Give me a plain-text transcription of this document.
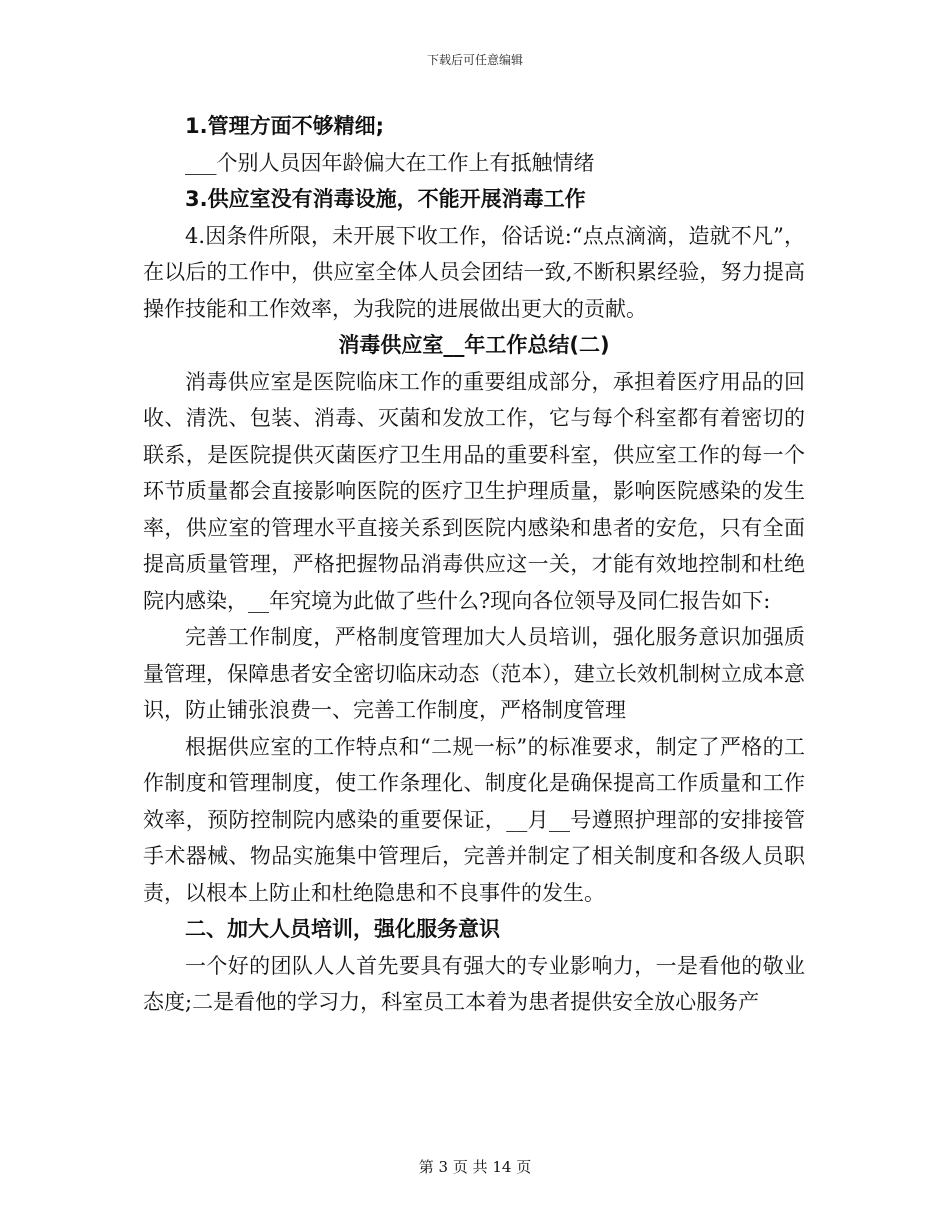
下载后可任意编辑

1.管理方面不够精细;

___个别人员因年龄偏大在工作上有抵触情绪

3.供应室没有消毒设施，不能开展消毒工作

4.因条件所限，未开展下收工作，俗话说:“点点滴滴，造就不凡”，在以后的工作中，供应室全体人员会团结一致,不断积累经验，努力提高操作技能和工作效率，为我院的进展做出更大的贡献。

消毒供应室__年工作总结(二)

消毒供应室是医院临床工作的重要组成部分，承担着医疗用品的回收、清洗、包装、消毒、灭菌和发放工作，它与每个科室都有着密切的联系，是医院提供灭菌医疗卫生用品的重要科室，供应室工作的每一个环节质量都会直接影响医院的医疗卫生护理质量，影响医院感染的发生率，供应室的管理水平直接关系到医院内感染和患者的安危，只有全面提高质量管理，严格把握物品消毒供应这一关，才能有效地控制和杜绝院内感染，__年究境为此做了些什么?现向各位领导及同仁报告如下:

完善工作制度，严格制度管理加大人员培训，强化服务意识加强质量管理，保障患者安全密切临床动态（范本），建立长效机制树立成本意识，防止铺张浪费一、完善工作制度，严格制度管理

根据供应室的工作特点和“二规一标”的标准要求，制定了严格的工作制度和管理制度，使工作条理化、制度化是确保提高工作质量和工作效率，预防控制院内感染的重要保证，__月__号遵照护理部的安排接管手术器械、物品实施集中管理后，完善并制定了相关制度和各级人员职责，以根本上防止和杜绝隐患和不良事件的发生。

二、加大人员培训，强化服务意识

一个好的团队人人首先要具有强大的专业影响力，一是看他的敬业态度;二是看他的学习力，科室员工本着为患者提供安全放心服务产

第 3 页 共 14 页
